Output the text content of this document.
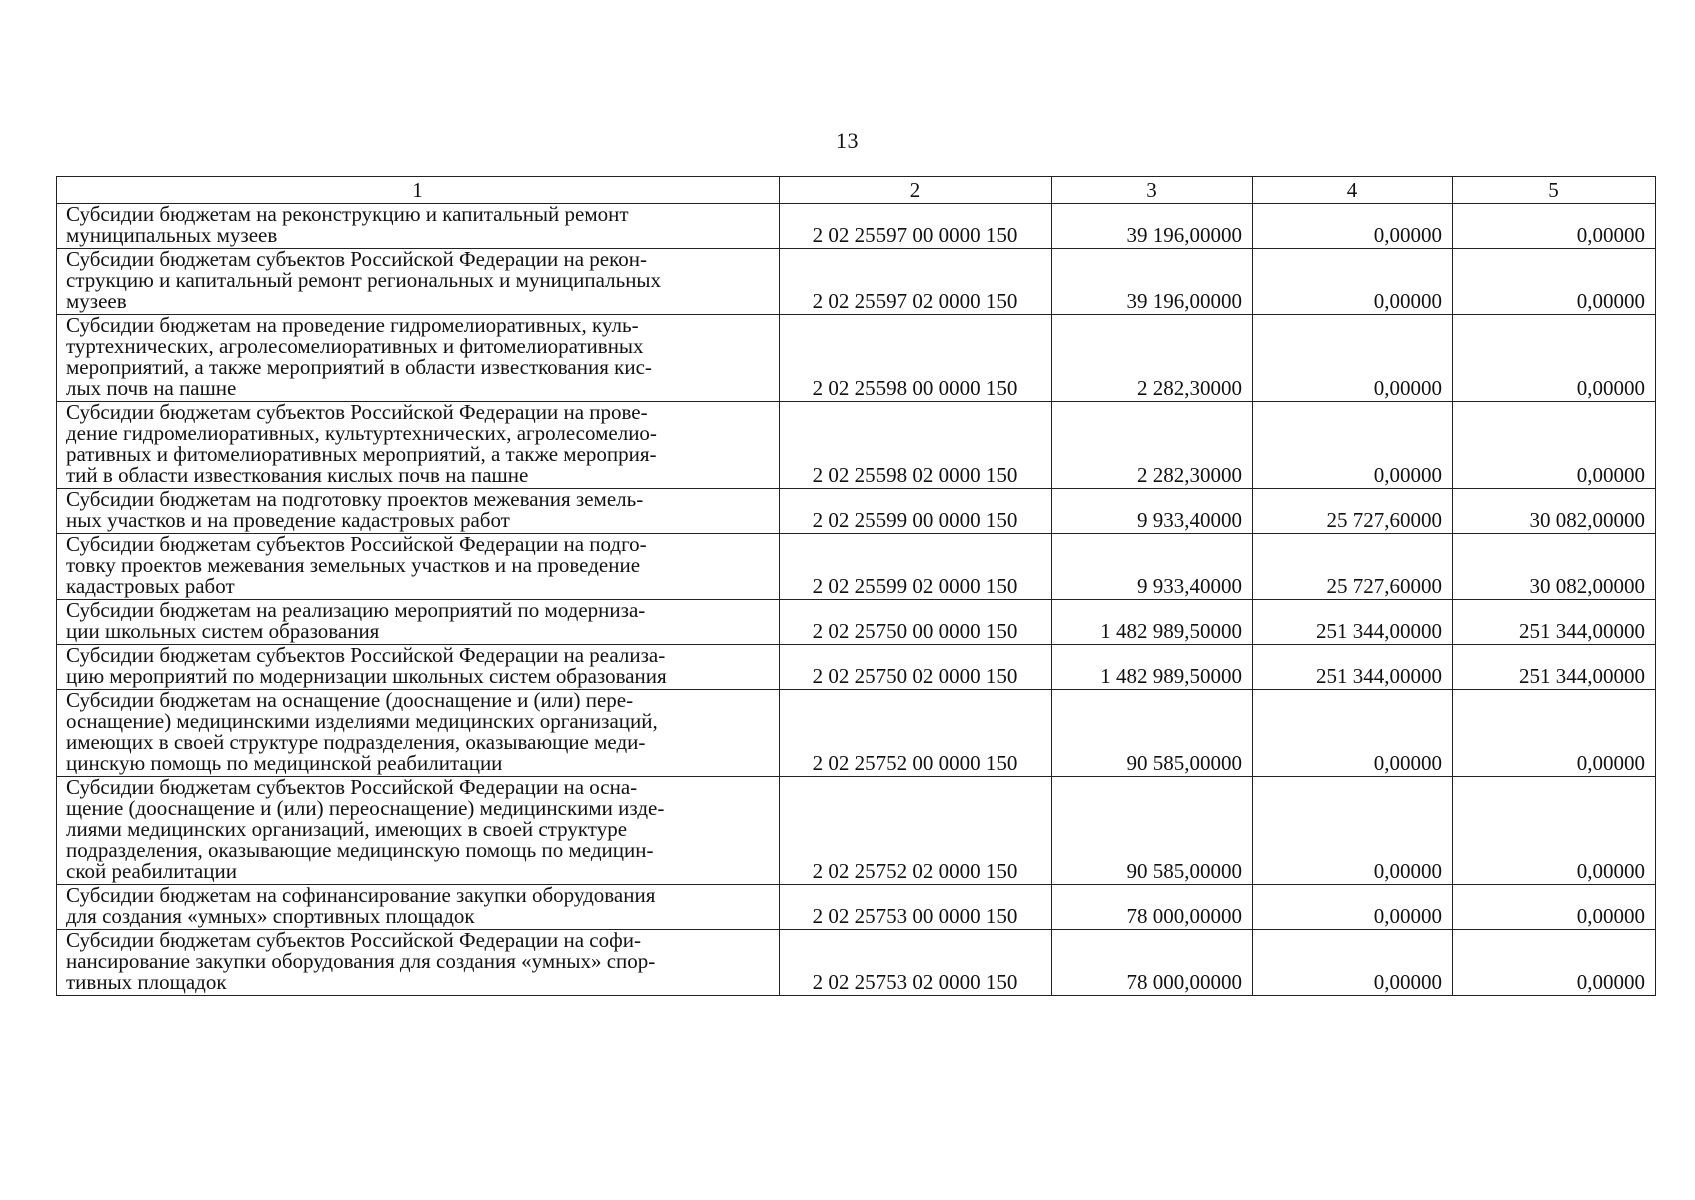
13
1	2	3	4	5
Субсидии бюджетам на реконструкцию и капитальный ремонт
муниципальных музеев	2 02 25597 00 0000 150	39 196,00000	0,00000	0,00000
Субсидии бюджетам субъектов Российской Федерации на рекон-
струкцию и капитальный ремонт региональных и муниципальных
музеев	2 02 25597 02 0000 150	39 196,00000	0,00000	0,00000
Субсидии бюджетам на проведение гидромелиоративных, куль-
туртехнических, агролесомелиоративных и фитомелиоративных
мероприятий, а также мероприятий в области известкования кис-
лых почв на пашне	2 02 25598 00 0000 150	2 282,30000	0,00000	0,00000
Субсидии бюджетам субъектов Российской Федерации на прове-
дение гидромелиоративных, культуртехнических, агролесомелио-
ративных и фитомелиоративных мероприятий, а также мероприя-
тий в области известкования кислых почв на пашне	2 02 25598 02 0000 150	2 282,30000	0,00000	0,00000
Субсидии бюджетам на подготовку проектов межевания земель-
ных участков и на проведение кадастровых работ	2 02 25599 00 0000 150	9 933,40000	25 727,60000	30 082,00000
Субсидии бюджетам субъектов Российской Федерации на подго-
товку проектов межевания земельных участков и на проведение
кадастровых работ	2 02 25599 02 0000 150	9 933,40000	25 727,60000	30 082,00000
Субсидии бюджетам на реализацию мероприятий по модерниза-
ции школьных систем образования	2 02 25750 00 0000 150	1 482 989,50000	251 344,00000	251 344,00000
Субсидии бюджетам субъектов Российской Федерации на реализа-
цию мероприятий по модернизации школьных систем образования	2 02 25750 02 0000 150	1 482 989,50000	251 344,00000	251 344,00000
Субсидии бюджетам на оснащение (дооснащение и (или) пере-
оснащение) медицинскими изделиями медицинских организаций,
имеющих в своей структуре подразделения, оказывающие меди-
цинскую помощь по медицинской реабилитации	2 02 25752 00 0000 150	90 585,00000	0,00000	0,00000
Субсидии бюджетам субъектов Российской Федерации на осна-
щение (дооснащение и (или) переоснащение) медицинскими изде-
лиями медицинских организаций, имеющих в своей структуре
подразделения, оказывающие медицинскую помощь по медицин-
ской реабилитации	2 02 25752 02 0000 150	90 585,00000	0,00000	0,00000
Субсидии бюджетам на софинансирование закупки оборудования
для создания «умных» спортивных площадок	2 02 25753 00 0000 150	78 000,00000	0,00000	0,00000
Субсидии бюджетам субъектов Российской Федерации на софи-
нансирование закупки оборудования для создания «умных» спор-
тивных площадок	2 02 25753 02 0000 150	78 000,00000	0,00000	0,00000
